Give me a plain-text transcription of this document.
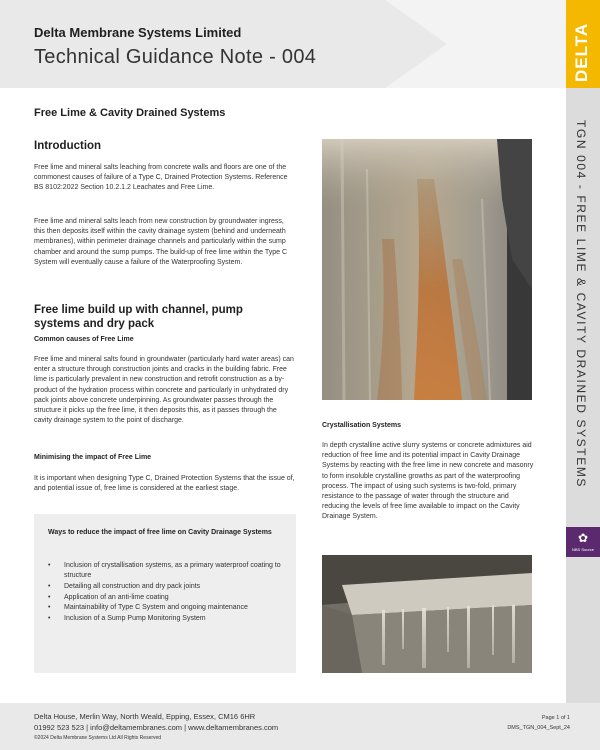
Delta Membrane Systems Limited
Technical Guidance Note - 004	DELTA
TGN 004 - FREE LIME & CAVITY DRAINED SYSTEMS
✿
NBS Source
Free Lime & Cavity Drained Systems
Introduction

Free lime and mineral salts leaching from concrete walls and floors are one of the commonest causes of failure of a Type C, Drained Protection Systems. Reference BS 8102:2022 Section 10.2.1.2 Leachates and Free Lime.

Free lime and mineral salts leach from new construction by groundwater ingress, this then deposits itself within the cavity drainage system (behind and underneath membranes), within perimeter drainage channels and particularly within the sump chamber and around the sump pumps. The build-up of free lime within the Type C System will eventually cause a failure of the Waterproofing System.

Free lime build up with channel, pump systems and dry pack
Common causes of Free Lime

Free lime and mineral salts found in groundwater (particularly hard water areas) can enter a structure through construction joints and cracks in the building fabric. Free lime is particularly prevalent in new construction and retrofit construction as a by-product of the hydration process within concrete and particularly in unhydrated dry pack joints above concrete underpinning. As groundwater passes through the structure it picks up the free lime, it then deposits this, as it passes through the cavity drainage system to the point of discharge.

Minimising the impact of Free Lime

It is important when designing Type C, Drained Protection Systems that the issue of, and potential issue of, free lime is considered at the earliest stage.

Ways to reduce the impact of free lime on Cavity Drainage Systems
• Inclusion of crystallisation systems, as a primary waterproof coating to structure
• Detailing all construction and dry pack joints
• Application of an anti-lime coating
• Maintainability of Type C System and ongoing maintenance
• Inclusion of a Sump Pump Monitoring System
Crystallisation Systems

In depth crystalline active slurry systems or concrete admixtures aid reduction of free lime and its potential impact in Cavity Drainage Systems by reacting with the free lime in new concrete and masonry to form insoluble crystalline growths as part of the waterproofing process. The impact of using such systems is two-fold, primary resistance to the passage of water through the structure and reducing the levels of free lime available to impact on the Cavity Drainage System.

Delta House, Merlin Way, North Weald, Epping, Essex, CM16 6HR
01992 523 523 | info@deltamembranes.com | www.deltamembranes.com
©2024 Delta Membrane Systems Ltd All Rights Reserved
Page 1 of 1
DMS_TGN_004_Sept_24
